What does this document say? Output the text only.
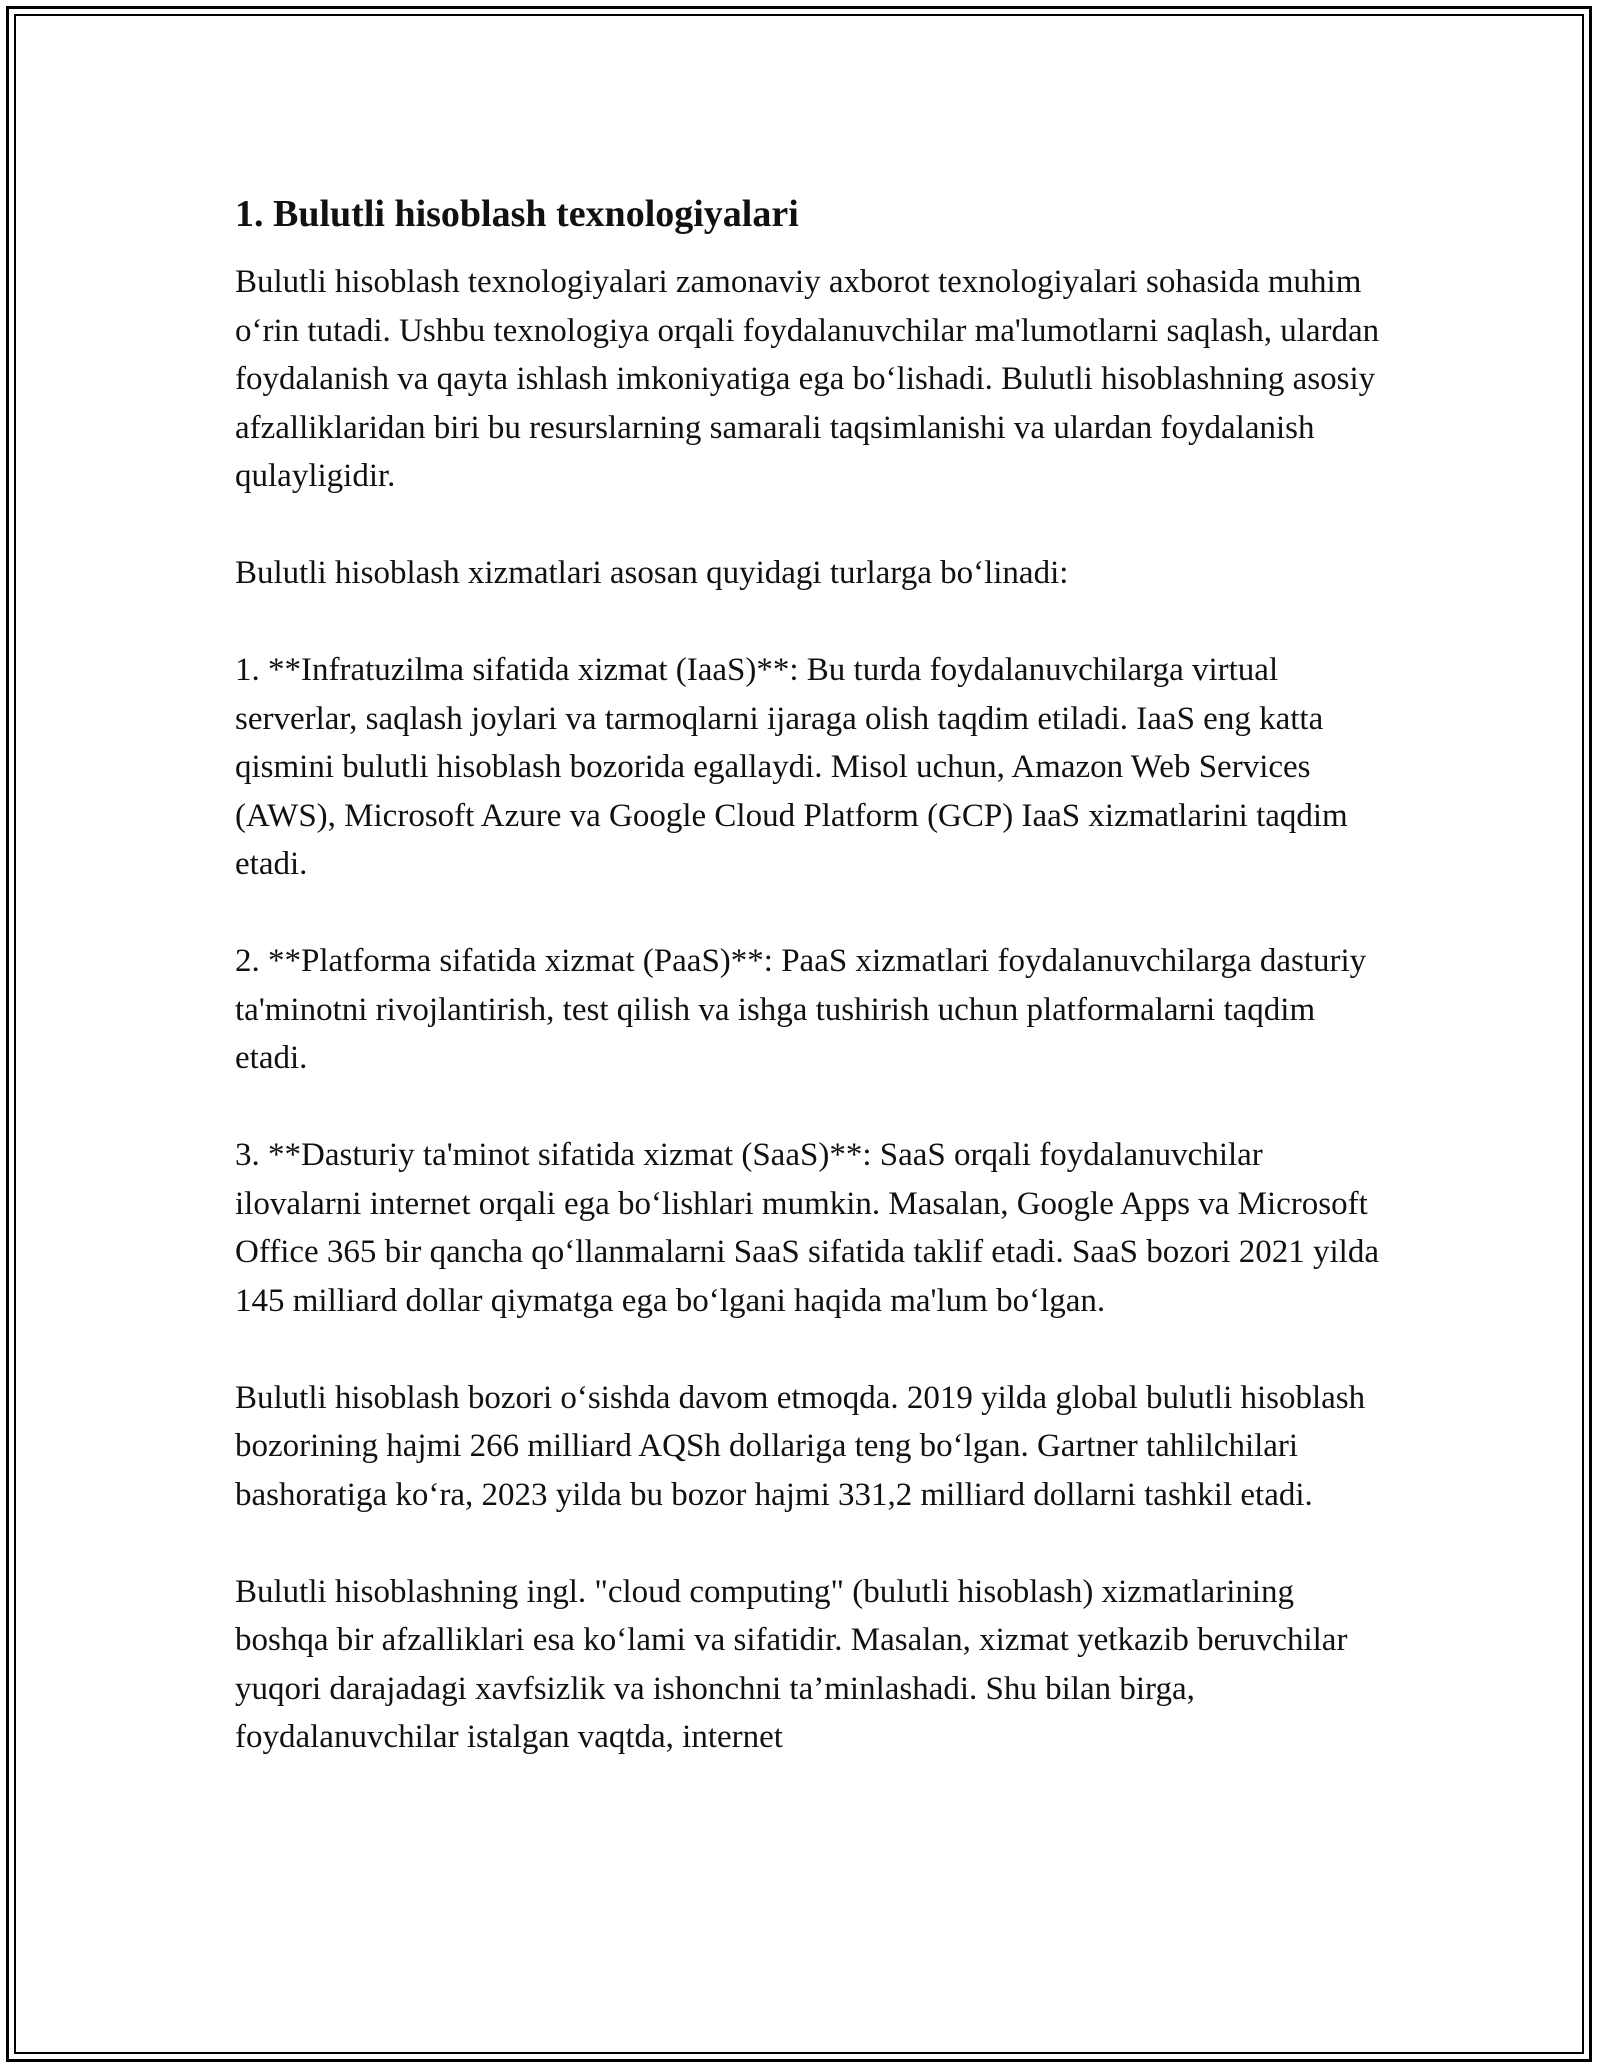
1. Bulutli hisoblash texnologiyalari

Bulutli hisoblash texnologiyalari zamonaviy axborot texnologiyalari sohasida muhim oʻrin tutadi. Ushbu texnologiya orqali foydalanuvchilar ma'lumotlarni saqlash, ulardan foydalanish va qayta ishlash imkoniyatiga ega boʻlishadi. Bulutli hisoblashning asosiy afzalliklaridan biri bu resurslarning samarali taqsimlanishi va ulardan foydalanish qulayligidir.

Bulutli hisoblash xizmatlari asosan quyidagi turlarga boʻlinadi:

1. **Infratuzilma sifatida xizmat (IaaS)**: Bu turda foydalanuvchilarga virtual serverlar, saqlash joylari va tarmoqlarni ijaraga olish taqdim etiladi. IaaS eng katta qismini bulutli hisoblash bozorida egallaydi. Misol uchun, Amazon Web Services (AWS), Microsoft Azure va Google Cloud Platform (GCP) IaaS xizmatlarini taqdim etadi.

2. **Platforma sifatida xizmat (PaaS)**: PaaS xizmatlari foydalanuvchilarga dasturiy ta'minotni rivojlantirish, test qilish va ishga tushirish uchun platformalarni taqdim etadi.

3. **Dasturiy ta'minot sifatida xizmat (SaaS)**: SaaS orqali foydalanuvchilar ilovalarni internet orqali ega boʻlishlari mumkin. Masalan, Google Apps va Microsoft Office 365 bir qancha qoʻllanmalarni SaaS sifatida taklif etadi. SaaS bozori 2021 yilda 145 milliard dollar qiymatga ega boʻlgani haqida ma'lum boʻlgan.

Bulutli hisoblash bozori oʻsishda davom etmoqda. 2019 yilda global bulutli hisoblash bozorining hajmi 266 milliard AQSh dollariga teng boʻlgan. Gartner tahlilchilari bashoratiga koʻra, 2023 yilda bu bozor hajmi 331,2 milliard dollarni tashkil etadi.

Bulutli hisoblashning ingl. "cloud computing" (bulutli hisoblash) xizmatlarining boshqa bir afzalliklari esa koʻlami va sifatidir. Masalan, xizmat yetkazib beruvchilar yuqori darajadagi xavfsizlik va ishonchni ta’minlashadi. Shu bilan birga, foydalanuvchilar istalgan vaqtda, internet
